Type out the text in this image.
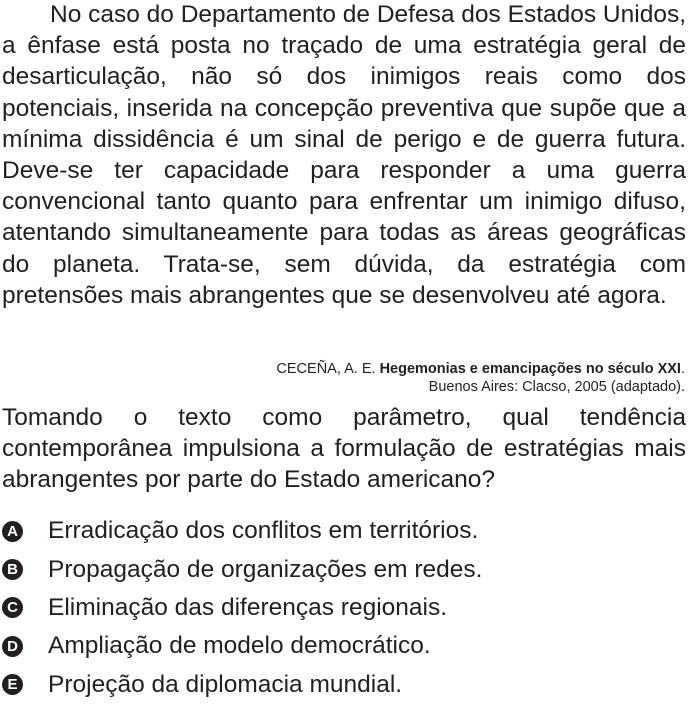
No caso do Departamento de Defesa dos Estados Unidos, a ênfase está posta no traçado de uma estratégia geral de desarticulação, não só dos inimigos reais como dos potenciais, inserida na concepção preventiva que supõe que a mínima dissidência é um sinal de perigo e de guerra futura. Deve-se ter capacidade para responder a uma guerra convencional tanto quanto para enfrentar um inimigo difuso, atentando simultaneamente para todas as áreas geográficas do planeta. Trata-se, sem dúvida, da estratégia com pretensões mais abrangentes que se desenvolveu até agora.
CECEÑA, A. E. Hegemonias e emancipações no século XXI.
Buenos Aires: Clacso, 2005 (adaptado).
Tomando o texto como parâmetro, qual tendência contemporânea impulsiona a formulação de estratégias mais abrangentes por parte do Estado americano?
A Erradicação dos conflitos em territórios.
B Propagação de organizações em redes.
C Eliminação das diferenças regionais.
D Ampliação de modelo democrático.
E Projeção da diplomacia mundial.
